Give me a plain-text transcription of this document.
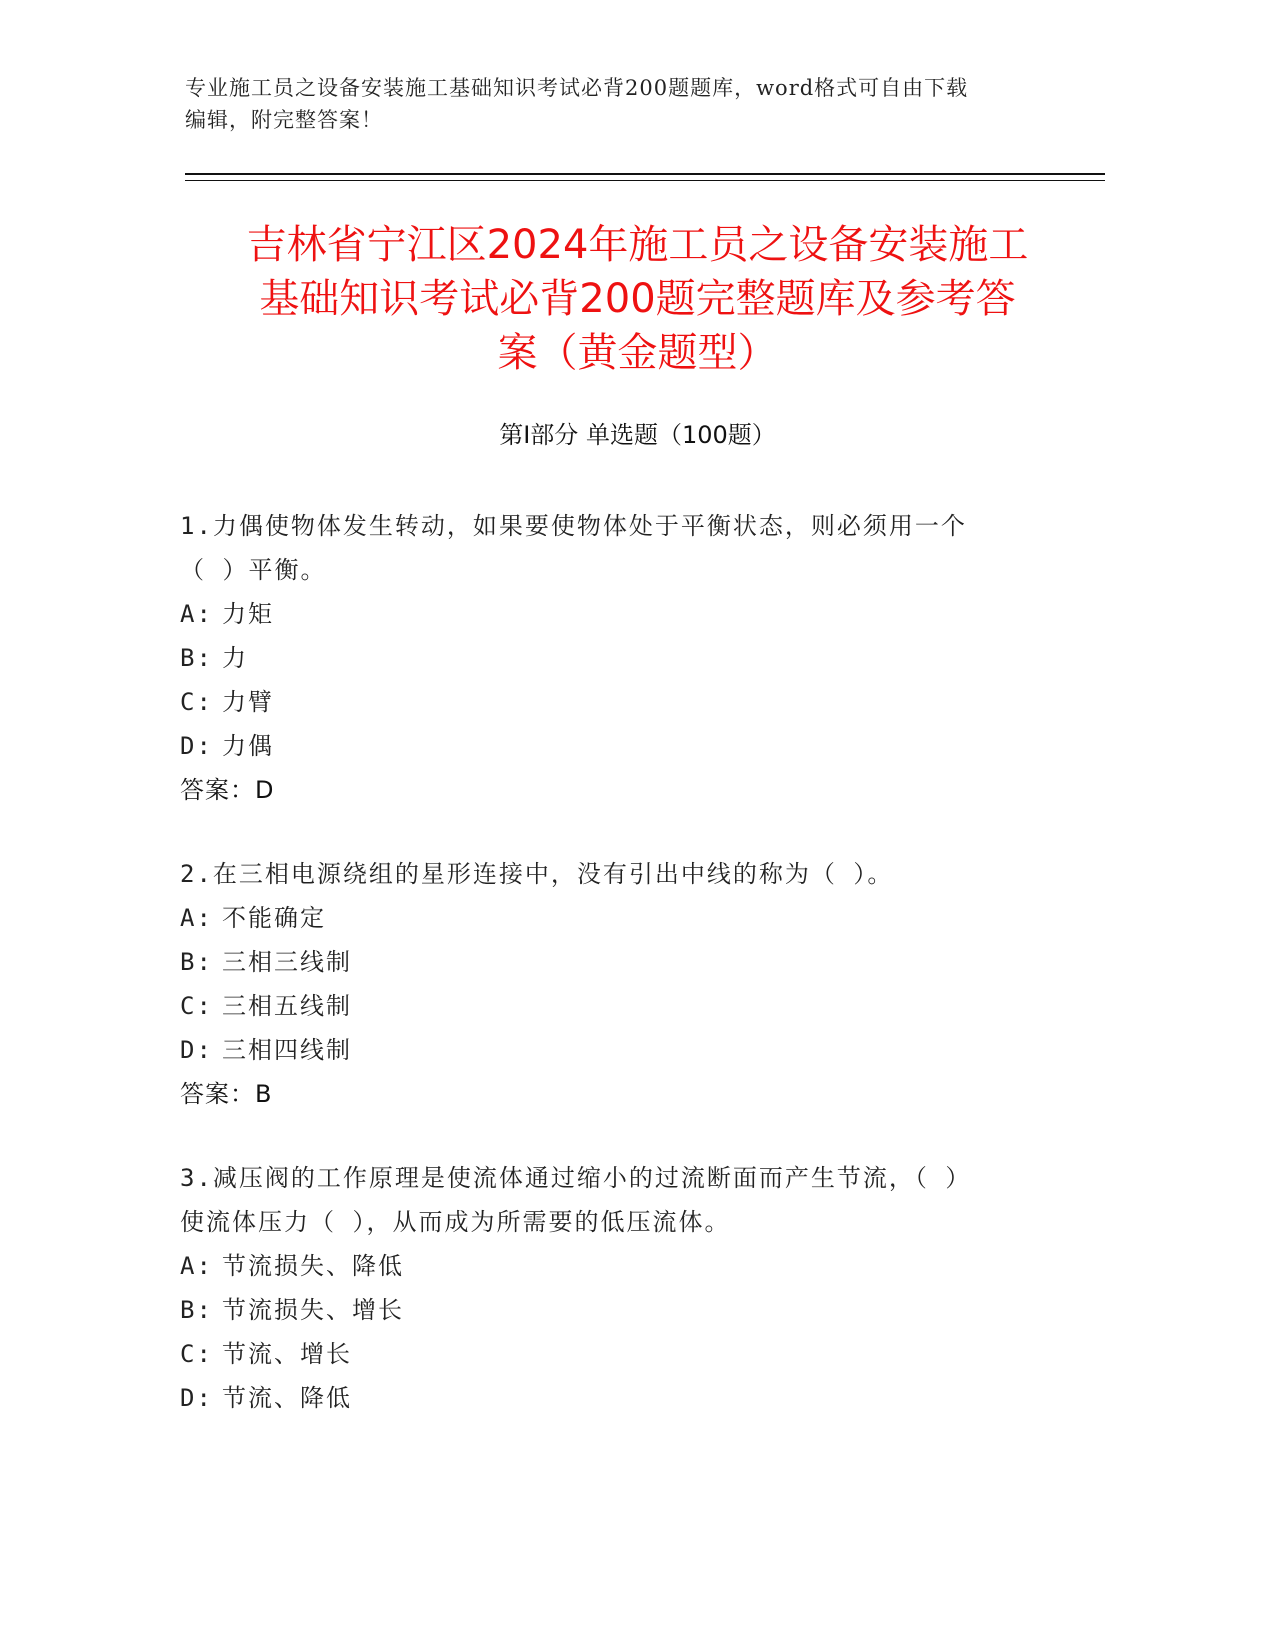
专业施工员之设备安装施工基础知识考试必背200题题库，word格式可自由下载
编辑，附完整答案！
吉林省宁江区2024年施工员之设备安装施工
基础知识考试必背200题完整题库及参考答
案（黄金题型）
第Ⅰ部分 单选题（100题）
1.力偶使物体发生转动，如果要使物体处于平衡状态，则必须用一个
（ ）平衡。
A: 力矩
B: 力
C: 力臂
D: 力偶
答案：D
2.在三相电源绕组的星形连接中，没有引出中线的称为（ ）。
A: 不能确定
B: 三相三线制
C: 三相五线制
D: 三相四线制
答案：B
3.减压阀的工作原理是使流体通过缩小的过流断面而产生节流，（ ）
使流体压力（ ），从而成为所需要的低压流体。
A: 节流损失、降低
B: 节流损失、增长
C: 节流、增长
D: 节流、降低
